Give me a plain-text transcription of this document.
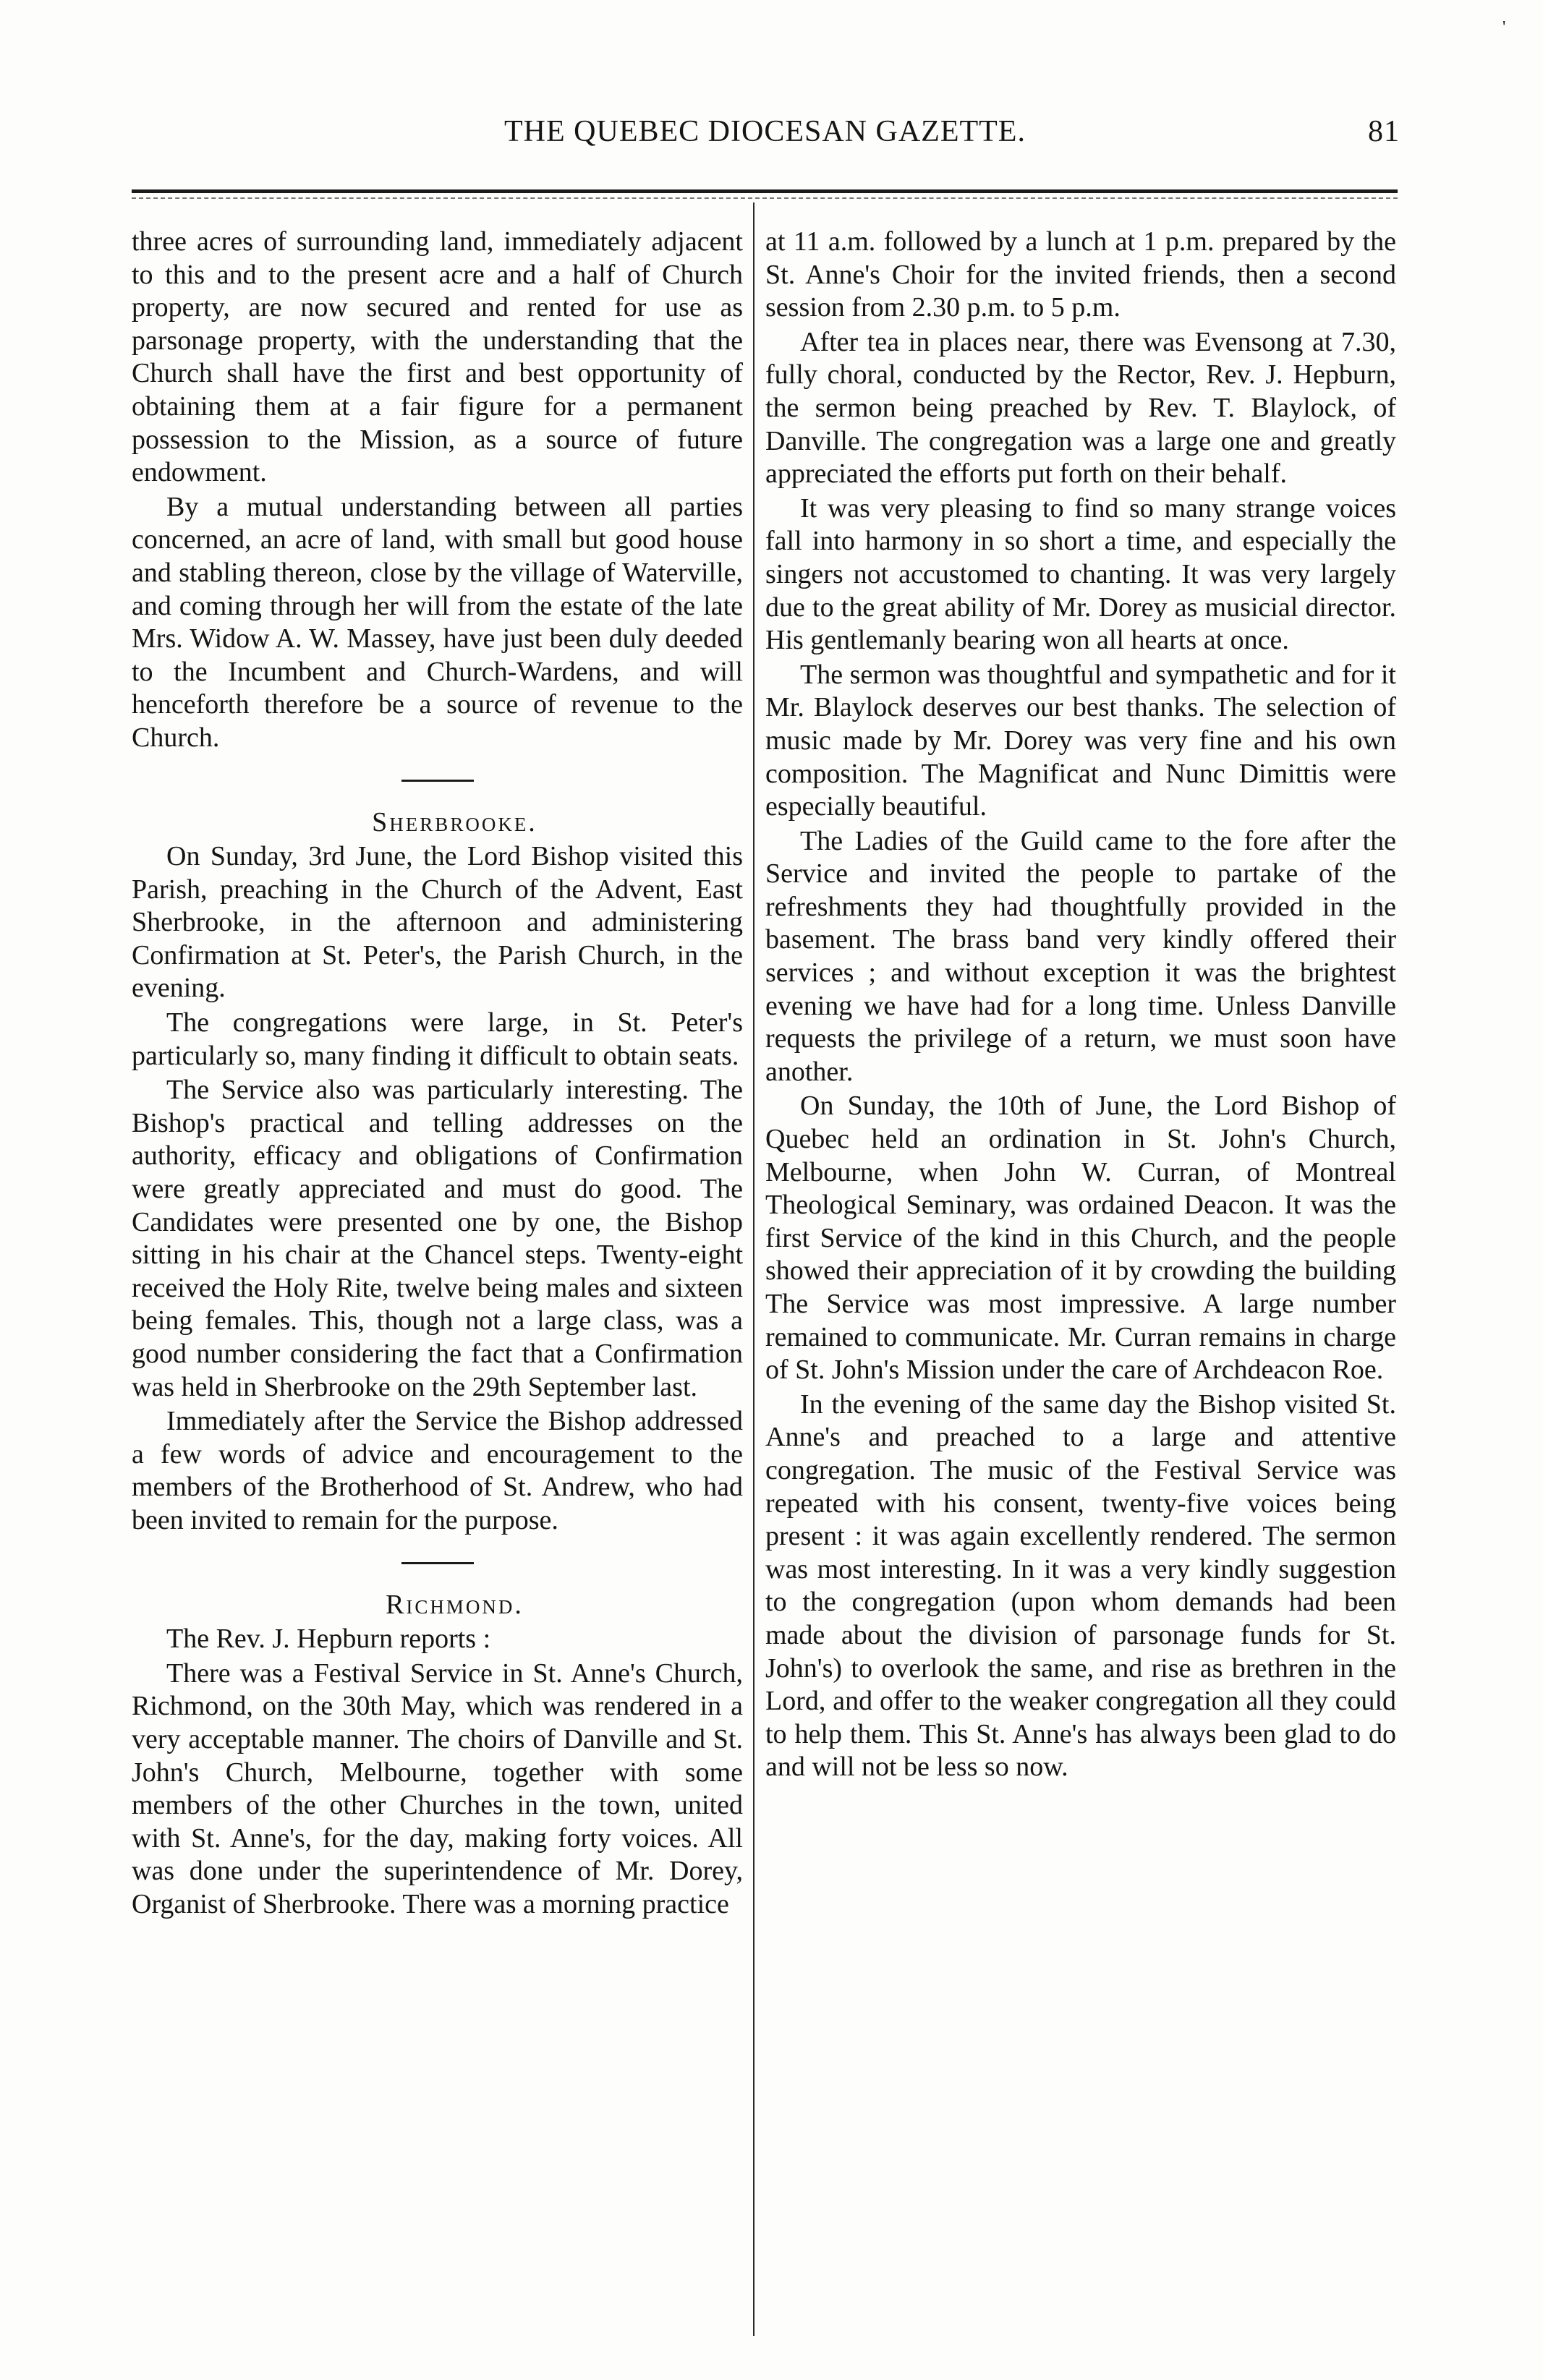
'
THE QUEBEC DIOCESAN GAZETTE.	81

three acres of surrounding land, immediately adjacent to this and to the present acre and a half of Church property, are now secured and rented for use as parsonage property, with the understanding that the Church shall have the first and best opportunity of obtaining them at a fair figure for a permanent possession to the Mission, as a source of future endowment.

By a mutual understanding between all parties concerned, an acre of land, with small but good house and stabling thereon, close by the village of Waterville, and coming through her will from the estate of the late Mrs. Widow A. W. Massey, have just been duly deeded to the Incumbent and Church-Wardens, and will henceforth therefore be a source of revenue to the Church.

Sherbrooke.

On Sunday, 3rd June, the Lord Bishop visited this Parish, preaching in the Church of the Advent, East Sherbrooke, in the afternoon and administering Confirmation at St. Peter's, the Parish Church, in the evening.

The congregations were large, in St. Peter's particularly so, many finding it difficult to obtain seats.

The Service also was particularly interesting. The Bishop's practical and telling addresses on the authority, efficacy and obligations of Confirmation were greatly appreciated and must do good. The Candidates were presented one by one, the Bishop sitting in his chair at the Chancel steps. Twenty-eight received the Holy Rite, twelve being males and sixteen being females. This, though not a large class, was a good number considering the fact that a Confirmation was held in Sherbrooke on the 29th September last.

Immediately after the Service the Bishop addressed a few words of advice and encouragement to the members of the Brotherhood of St. Andrew, who had been invited to remain for the purpose.

Richmond.

The Rev. J. Hepburn reports :

There was a Festival Service in St. Anne's Church, Richmond, on the 30th May, which was rendered in a very acceptable manner. The choirs of Danville and St. John's Church, Melbourne, together with some members of the other Churches in the town, united with St. Anne's, for the day, making forty voices. All was done under the superintendence of Mr. Dorey, Organist of Sherbrooke. There was a morning practice

at 11 a.m. followed by a lunch at 1 p.m. prepared by the St. Anne's Choir for the invited friends, then a second session from 2.30 p.m. to 5 p.m.

After tea in places near, there was Evensong at 7.30, fully choral, conducted by the Rector, Rev. J. Hepburn, the sermon being preached by Rev. T. Blaylock, of Danville. The congregation was a large one and greatly appreciated the efforts put forth on their behalf.

It was very pleasing to find so many strange voices fall into harmony in so short a time, and especially the singers not accustomed to chanting. It was very largely due to the great ability of Mr. Dorey as musicial director. His gentlemanly bearing won all hearts at once.

The sermon was thoughtful and sympathetic and for it Mr. Blaylock deserves our best thanks. The selection of music made by Mr. Dorey was very fine and his own composition. The Magnificat and Nunc Dimittis were especially beautiful.

The Ladies of the Guild came to the fore after the Service and invited the people to partake of the refreshments they had thoughtfully provided in the basement. The brass band very kindly offered their services ; and without exception it was the brightest evening we have had for a long time. Unless Danville requests the privilege of a return, we must soon have another.

On Sunday, the 10th of June, the Lord Bishop of Quebec held an ordination in St. John's Church, Melbourne, when John W. Curran, of Montreal Theological Seminary, was ordained Deacon. It was the first Service of the kind in this Church, and the people showed their appreciation of it by crowding the building The Service was most impressive. A large number remained to communicate. Mr. Curran remains in charge of St. John's Mission under the care of Archdeacon Roe.

In the evening of the same day the Bishop visited St. Anne's and preached to a large and attentive congregation. The music of the Festival Service was repeated with his consent, twenty-five voices being present : it was again excellently rendered. The sermon was most interesting. In it was a very kindly suggestion to the congregation (upon whom demands had been made about the division of parsonage funds for St. John's) to overlook the same, and rise as brethren in the Lord, and offer to the weaker congregation all they could to help them. This St. Anne's has always been glad to do and will not be less so now.
